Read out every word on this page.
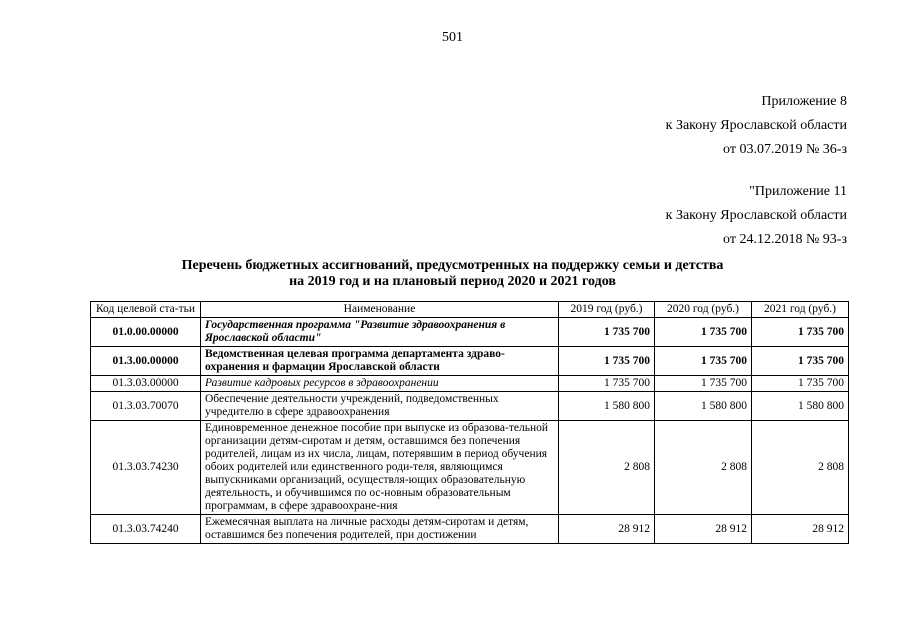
501
Приложение 8
к Закону Ярославской области
от 03.07.2019 № 36-з
"Приложение 11
к Закону Ярославской области
от 24.12.2018 № 93-з
Перечень бюджетных ассигнований, предусмотренных на поддержку семьи и детства
на 2019 год и на плановый период 2020 и 2021 годов
Код целевой ста-тьи	Наименование	2019 год (руб.)	2020 год (руб.)	2021 год (руб.)
01.0.00.00000	Государственная программа "Развитие здравоохранения в Ярославской области"	1 735 700	1 735 700	1 735 700
01.3.00.00000	Ведомственная целевая программа департамента здраво-охранения и фармации Ярославской области	1 735 700	1 735 700	1 735 700
01.3.03.00000	Развитие кадровых ресурсов в здравоохранении	1 735 700	1 735 700	1 735 700
01.3.03.70070	Обеспечение деятельности учреждений, подведомственных учредителю в сфере здравоохранения	1 580 800	1 580 800	1 580 800
01.3.03.74230	Единовременное денежное пособие при выпуске из образова-тельной организации детям-сиротам и детям, оставшимся без попечения родителей, лицам из их числа, лицам, потерявшим в период обучения обоих родителей или единственного роди-теля, являющимся выпускниками организаций, осуществля-ющих образовательную деятельность, и обучившимся по ос-новным образовательным программам, в сфере здравоохране-ния	2 808	2 808	2 808
01.3.03.74240	Ежемесячная выплата на личные расходы детям-сиротам и детям, оставшимся без попечения родителей, при достижении	28 912	28 912	28 912
